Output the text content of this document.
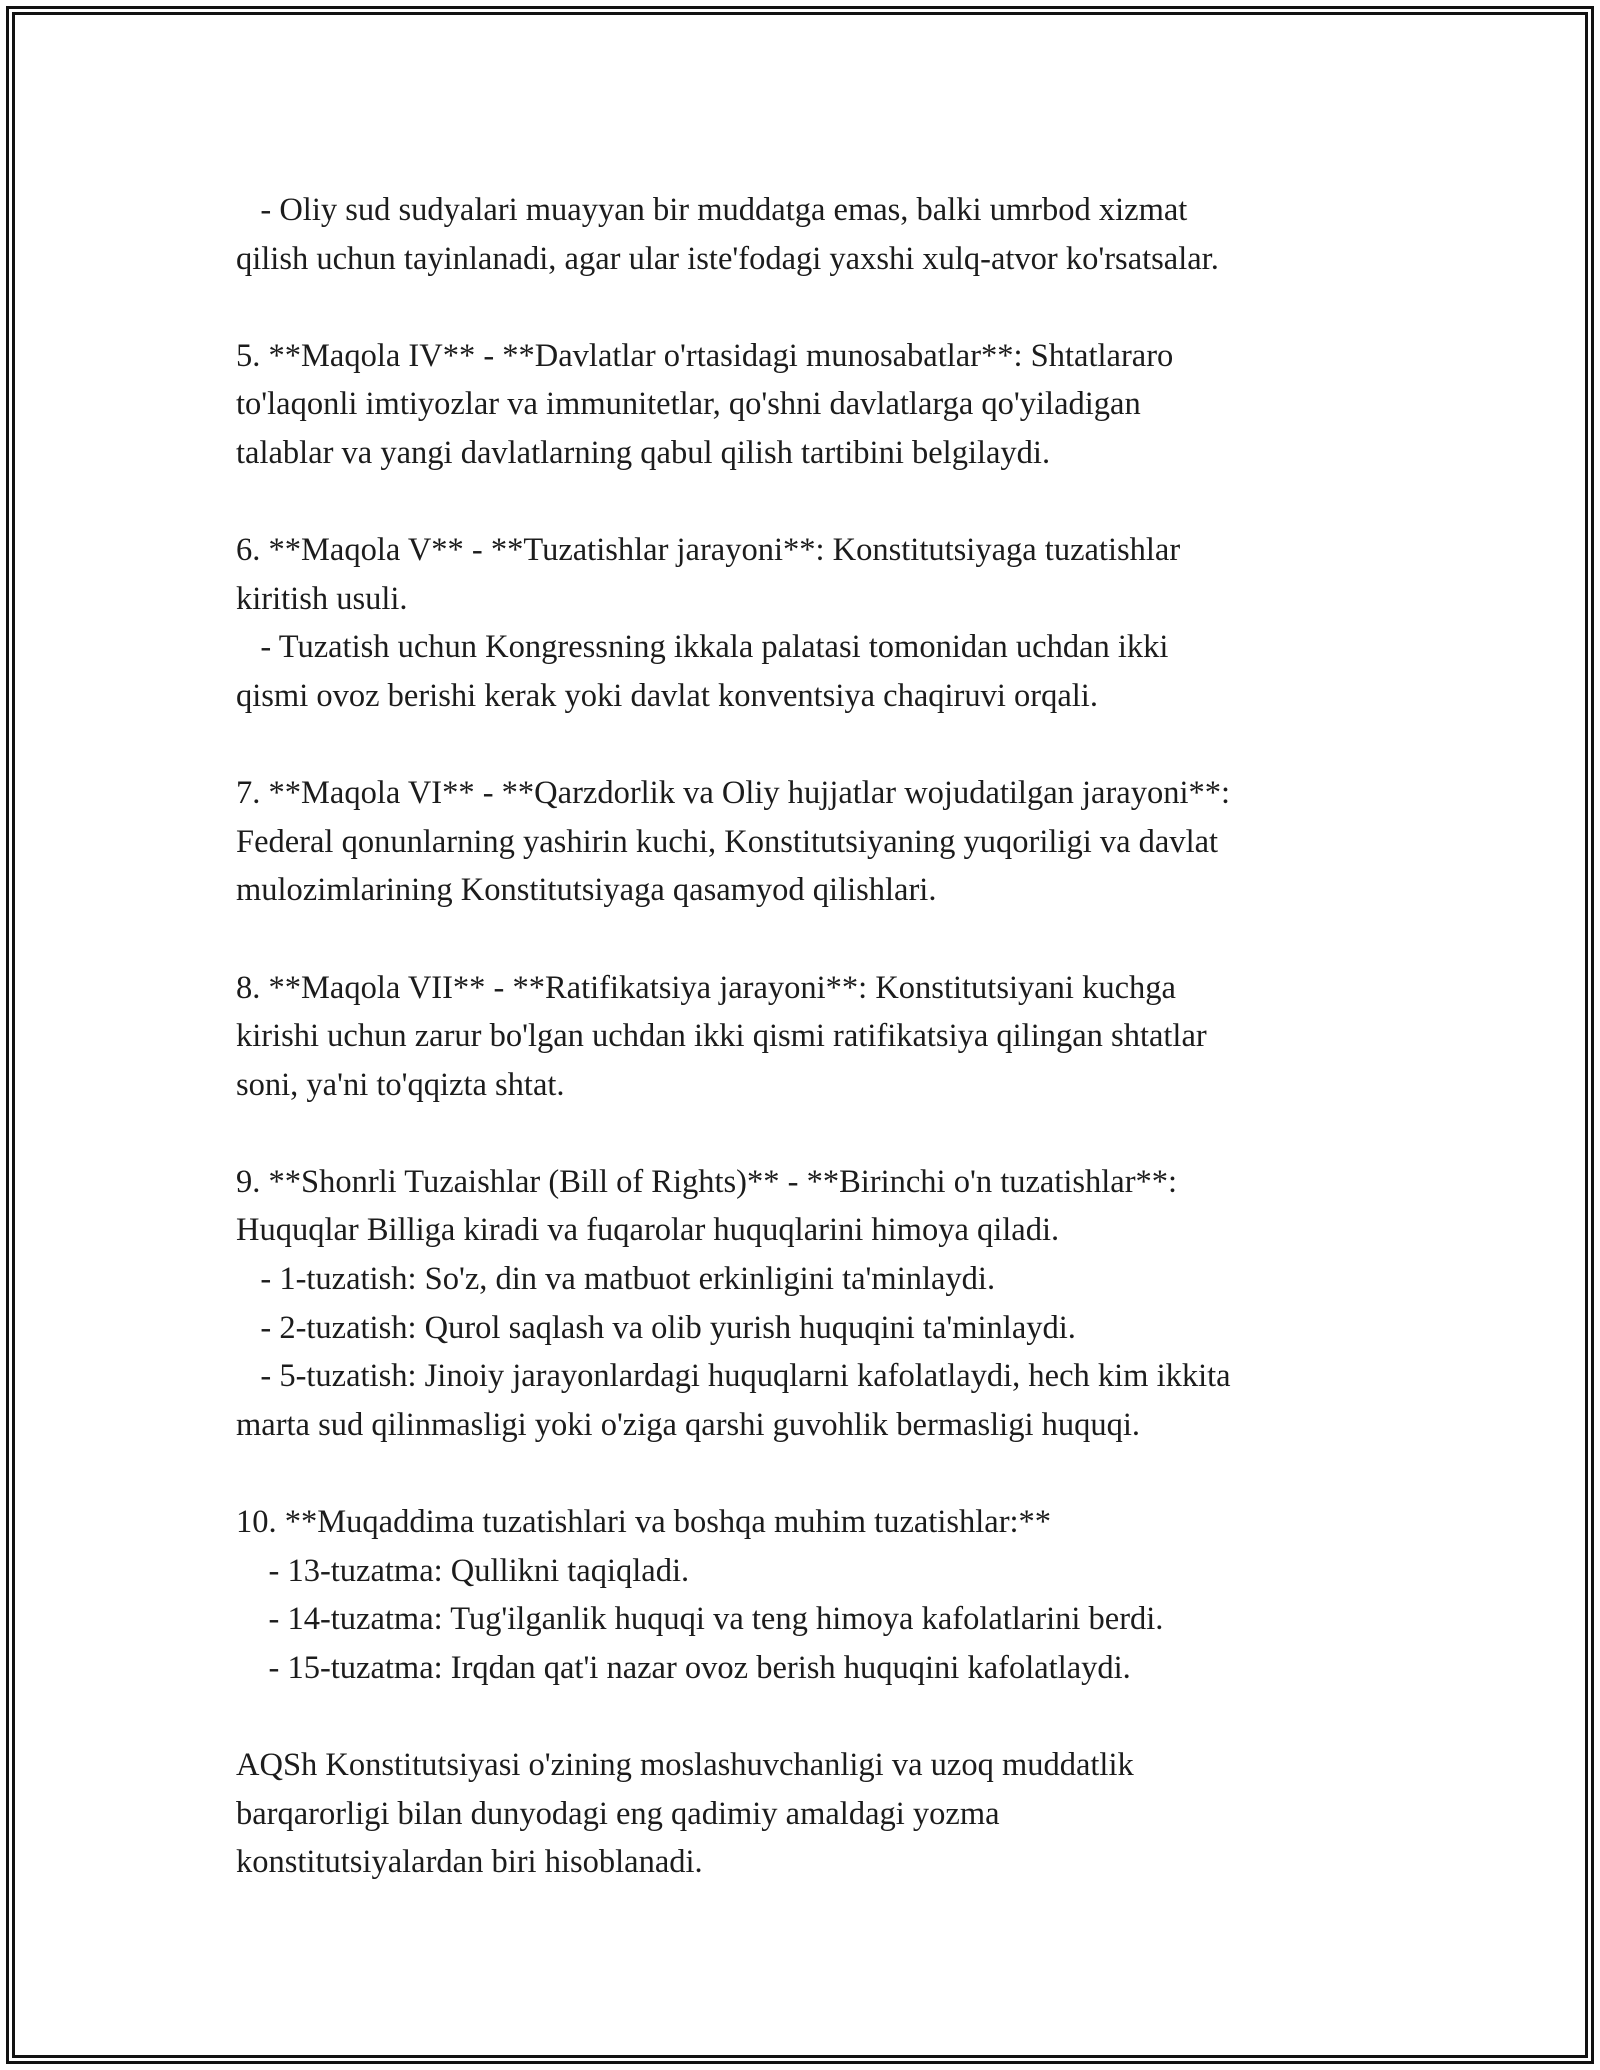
- Oliy sud sudyalari muayyan bir muddatga emas, balki umrbod xizmat
qilish uchun tayinlanadi, agar ular iste'fodagi yaxshi xulq-atvor ko'rsatsalar.
5. **Maqola IV** - **Davlatlar o'rtasidagi munosabatlar**: Shtatlararo
to'laqonli imtiyozlar va immunitetlar, qo'shni davlatlarga qo'yiladigan
talablar va yangi davlatlarning qabul qilish tartibini belgilaydi.
6. **Maqola V** - **Tuzatishlar jarayoni**: Konstitutsiyaga tuzatishlar
kiritish usuli.
- Tuzatish uchun Kongressning ikkala palatasi tomonidan uchdan ikki
qismi ovoz berishi kerak yoki davlat konventsiya chaqiruvi orqali.
7. **Maqola VI** - **Qarzdorlik va Oliy hujjatlar wojudatilgan jarayoni**:
Federal qonunlarning yashirin kuchi, Konstitutsiyaning yuqoriligi va davlat
mulozimlarining Konstitutsiyaga qasamyod qilishlari.
8. **Maqola VII** - **Ratifikatsiya jarayoni**: Konstitutsiyani kuchga
kirishi uchun zarur bo'lgan uchdan ikki qismi ratifikatsiya qilingan shtatlar
soni, ya'ni to'qqizta shtat.
9. **Shonrli Tuzaishlar (Bill of Rights)** - **Birinchi o'n tuzatishlar**:
Huquqlar Billiga kiradi va fuqarolar huquqlarini himoya qiladi.
- 1-tuzatish: So'z, din va matbuot erkinligini ta'minlaydi.
- 2-tuzatish: Qurol saqlash va olib yurish huquqini ta'minlaydi.
- 5-tuzatish: Jinoiy jarayonlardagi huquqlarni kafolatlaydi, hech kim ikkita
marta sud qilinmasligi yoki o'ziga qarshi guvohlik bermasligi huquqi.
10. **Muqaddima tuzatishlari va boshqa muhim tuzatishlar:**
- 13-tuzatma: Qullikni taqiqladi.
- 14-tuzatma: Tug'ilganlik huquqi va teng himoya kafolatlarini berdi.
- 15-tuzatma: Irqdan qat'i nazar ovoz berish huquqini kafolatlaydi.
AQSh Konstitutsiyasi o'zining moslashuvchanligi va uzoq muddatlik
barqarorligi bilan dunyodagi eng qadimiy amaldagi yozma
konstitutsiyalardan biri hisoblanadi.
